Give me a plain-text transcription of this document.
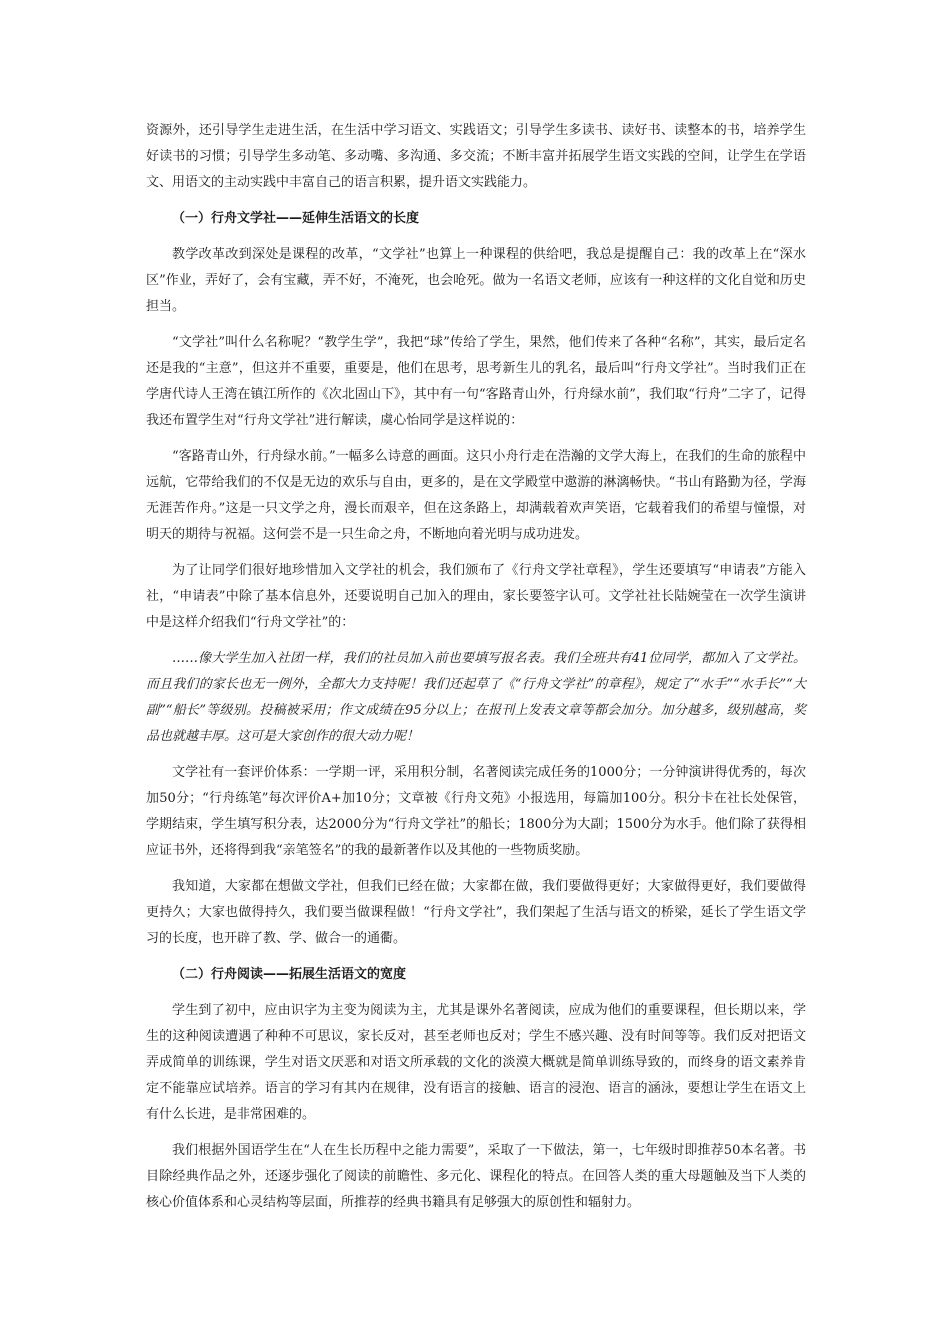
资源外，还引导学生走进生活，在生活中学习语文、实践语文；引导学生多读书、读好书、读整本的书，培养学生好读书的习惯；引导学生多动笔、多动嘴、多沟通、多交流；不断丰富并拓展学生语文实践的空间，让学生在学语文、用语文的主动实践中丰富自己的语言积累，提升语文实践能力。

（一）行舟文学社——延伸生活语文的长度

教学改革改到深处是课程的改革，“文学社”也算上一种课程的供给吧，我总是提醒自己：我的改革上在“深水区”作业，弄好了，会有宝藏，弄不好，不淹死，也会呛死。做为一名语文老师，应该有一种这样的文化自觉和历史担当。

“文学社”叫什么名称呢？“教学生学”，我把“球”传给了学生，果然，他们传来了各种“名称”，其实，最后定名还是我的“主意”，但这并不重要，重要是，他们在思考，思考新生儿的乳名，最后叫“行舟文学社”。当时我们正在学唐代诗人王湾在镇江所作的《次北固山下》，其中有一句“客路青山外，行舟绿水前”，我们取“行舟”二字了，记得我还布置学生对“行舟文学社”进行解读，虞心怡同学是这样说的：

“客路青山外，行舟绿水前。”一幅多么诗意的画面。这只小舟行走在浩瀚的文学大海上，在我们的生命的旅程中远航，它带给我们的不仅是无边的欢乐与自由，更多的，是在文学殿堂中遨游的淋漓畅快。“书山有路勤为径，学海无涯苦作舟。”这是一只文学之舟，漫长而艰辛，但在这条路上，却满载着欢声笑语，它载着我们的希望与憧憬，对明天的期待与祝福。这何尝不是一只生命之舟，不断地向着光明与成功进发。

为了让同学们很好地珍惜加入文学社的机会，我们颁布了《行舟文学社章程》，学生还要填写“申请表”方能入社，“申请表”中除了基本信息外，还要说明自己加入的理由，家长要签字认可。文学社社长陆婉莹在一次学生演讲中是这样介绍我们“行舟文学社”的：

……像大学生加入社团一样，我们的社员加入前也要填写报名表。我们全班共有41位同学，都加入了文学社。而且我们的家长也无一例外，全都大力支持呢！我们还起草了《“行舟文学社”的章程》，规定了“水手”“水手长”“大副”“船长”等级别。投稿被采用；作文成绩在95分以上；在报刊上发表文章等都会加分。加分越多，级别越高，奖品也就越丰厚。这可是大家创作的很大动力呢！

文学社有一套评价体系：一学期一评，采用积分制，名著阅读完成任务的1000分；一分钟演讲得优秀的，每次加50分；“行舟练笔”每次评价A+加10分；文章被《行舟文苑》小报选用，每篇加100分。积分卡在社长处保管，学期结束，学生填写积分表，达2000分为“行舟文学社”的船长；1800分为大副；1500分为水手。他们除了获得相应证书外，还将得到我“亲笔签名”的我的最新著作以及其他的一些物质奖励。

我知道，大家都在想做文学社，但我们已经在做；大家都在做，我们要做得更好；大家做得更好，我们要做得更持久；大家也做得持久，我们要当做课程做！“行舟文学社”，我们架起了生活与语文的桥梁，延长了学生语文学习的长度，也开辟了教、学、做合一的通衢。

（二）行舟阅读——拓展生活语文的宽度

学生到了初中，应由识字为主变为阅读为主，尤其是课外名著阅读，应成为他们的重要课程，但长期以来，学生的这种阅读遭遇了种种不可思议，家长反对，甚至老师也反对；学生不感兴趣、没有时间等等。我们反对把语文弄成简单的训练课，学生对语文厌恶和对语文所承载的文化的淡漠大概就是简单训练导致的，而终身的语文素养肯定不能靠应试培养。语言的学习有其内在规律，没有语言的接触、语言的浸泡、语言的涵泳，要想让学生在语文上有什么长进，是非常困难的。

我们根据外国语学生在“人在生长历程中之能力需要”，采取了一下做法，第一，七年级时即推荐50本名著。书目除经典作品之外，还逐步强化了阅读的前瞻性、多元化、课程化的特点。在回答人类的重大母题触及当下人类的核心价值体系和心灵结构等层面，所推荐的经典书籍具有足够强大的原创性和辐射力。
